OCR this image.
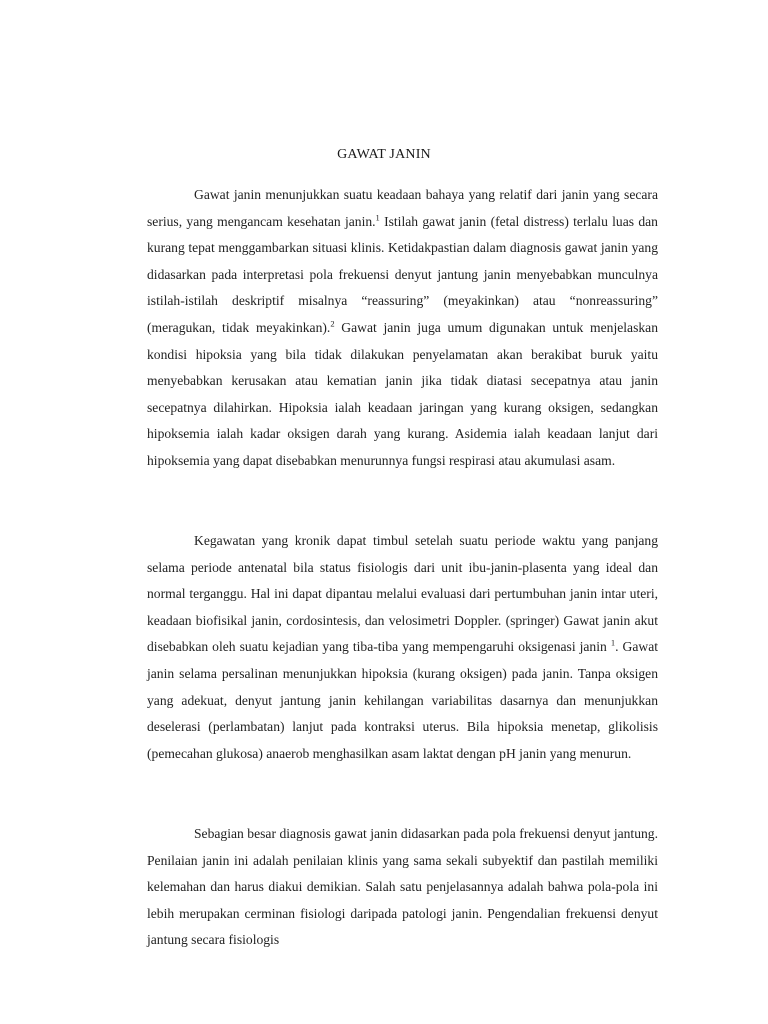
GAWAT JANIN

Gawat janin menunjukkan suatu keadaan bahaya yang relatif dari janin yang secara serius, yang mengancam kesehatan janin.$^1$ Istilah gawat janin (fetal distress) terlalu luas dan kurang tepat menggambarkan situasi klinis. Ketidakpastian dalam diagnosis gawat janin yang didasarkan pada interpretasi pola frekuensi denyut jantung janin menyebabkan munculnya istilah-istilah deskriptif misalnya “reassuring” (meyakinkan) atau “nonreassuring” (meragukan, tidak meyakinkan).$^2$ Gawat janin juga umum digunakan untuk menjelaskan kondisi hipoksia yang bila tidak dilakukan penyelamatan akan berakibat buruk yaitu menyebabkan kerusakan atau kematian janin jika tidak diatasi secepatnya atau janin secepatnya dilahirkan. Hipoksia ialah keadaan jaringan yang kurang oksigen, sedangkan hipoksemia ialah kadar oksigen darah yang kurang. Asidemia ialah keadaan lanjut dari hipoksemia yang dapat disebabkan menurunnya fungsi respirasi atau akumulasi asam.

Kegawatan yang kronik dapat timbul setelah suatu periode waktu yang panjang selama periode antenatal bila status fisiologis dari unit ibu-janin-plasenta yang ideal dan normal terganggu. Hal ini dapat dipantau melalui evaluasi dari pertumbuhan janin intar uteri, keadaan biofisikal janin, cordosintesis, dan velosimetri Doppler. (springer) Gawat janin akut disebabkan oleh suatu kejadian yang tiba-tiba yang mempengaruhi oksigenasi janin $^1$. Gawat janin selama persalinan menunjukkan hipoksia (kurang oksigen) pada janin. Tanpa oksigen yang adekuat, denyut jantung janin kehilangan variabilitas dasarnya dan menunjukkan deselerasi (perlambatan) lanjut pada kontraksi uterus. Bila hipoksia menetap, glikolisis (pemecahan glukosa) anaerob menghasilkan asam laktat dengan pH janin yang menurun.

Sebagian besar diagnosis gawat janin didasarkan pada pola frekuensi denyut jantung. Penilaian janin ini adalah penilaian klinis yang sama sekali subyektif dan pastilah memiliki kelemahan dan harus diakui demikian. Salah satu penjelasannya adalah bahwa pola-pola ini lebih merupakan cerminan fisiologi daripada patologi janin. Pengendalian frekuensi denyut jantung secara fisiologis
